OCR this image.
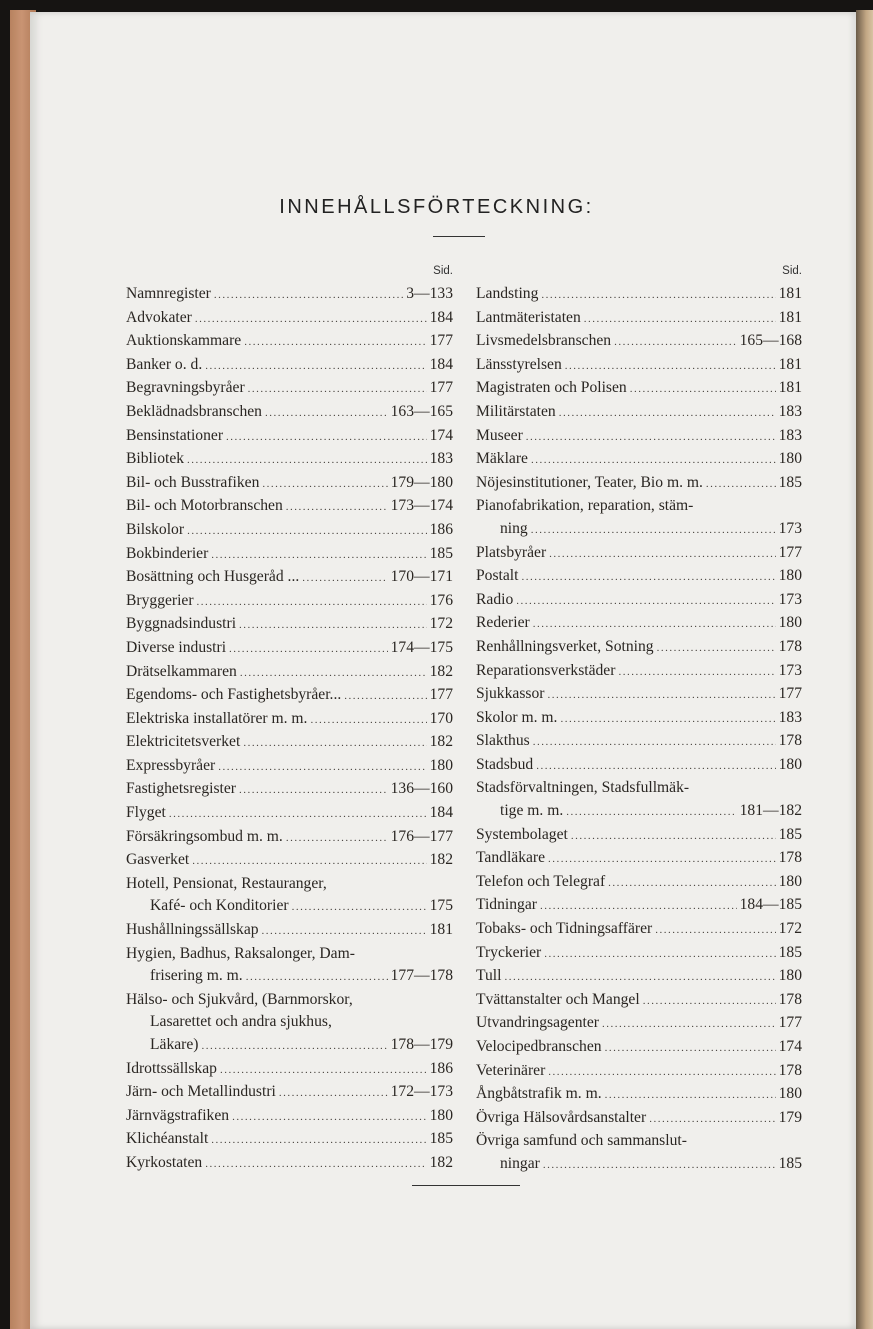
INNEHÅLLSFÖRTECKNING:
Sid.
Namnregister .....	3—133
Advokater .....	184
Auktionskammare .....	177
Banker o. d. .....	184
Begravningsbyråer .....	177
Beklädnadsbranschen .....	163—165
Bensinstationer .....	174
Bibliotek .....	183
Bil- och Busstrafiken .....	179—180
Bil- och Motorbranschen .....	173—174
Bilskolor .....	186
Bokbinderier .....	185
Bosättning och Husgeråd ... .....	170—171
Bryggerier .....	176
Byggnadsindustri .....	172
Diverse industri .....	174—175
Drätselkammaren .....	182
Egendoms- och Fastighetsbyråer... .....	177
Elektriska installatörer m. m. .....	170
Elektricitetsverket .....	182
Expressbyråer .....	180
Fastighetsregister .....	136—160
Flyget .....	184
Försäkringsombud m. m. .....	176—177
Gasverket .....	182
Hotell, Pensionat, Restauranger,
Kafé- och Konditorier .....	175
Hushållningssällskap .....	181
Hygien, Badhus, Raksalonger, Dam-
frisering m. m. .....	177—178
Hälso- och Sjukvård, (Barnmorskor,
Lasarettet och andra sjukhus,
Läkare) .....	178—179
Idrottssällskap .....	186
Järn- och Metallindustri .....	172—173
Järnvägstrafiken .....	180
Klichéanstalt .....	185
Kyrkostaten .....	182
Sid.
Landsting .....	181
Lantmäteristaten .....	181
Livsmedelsbranschen .....	165—168
Länsstyrelsen .....	181
Magistraten och Polisen .....	181
Militärstaten .....	183
Museer .....	183
Mäklare .....	180
Nöjesinstitutioner, Teater, Bio m. m. .....	185
Pianofabrikation, reparation, stäm-
ning .....	173
Platsbyråer .....	177
Postalt .....	180
Radio .....	173
Rederier .....	180
Renhållningsverket, Sotning .....	178
Reparationsverkstäder .....	173
Sjukkassor .....	177
Skolor m. m. .....	183
Slakthus .....	178
Stadsbud .....	180
Stadsförvaltningen, Stadsfullmäk-
tige m. m. .....	181—182
Systembolaget .....	185
Tandläkare .....	178
Telefon och Telegraf .....	180
Tidningar .....	184—185
Tobaks- och Tidningsaffärer .....	172
Tryckerier .....	185
Tull .....	180
Tvättanstalter och Mangel .....	178
Utvandringsagenter .....	177
Velocipedbranschen .....	174
Veterinärer .....	178
Ångbåtstrafik m. m. .....	180
Övriga Hälsovårdsanstalter .....	179
Övriga samfund och sammanslut-
ningar .....	185
